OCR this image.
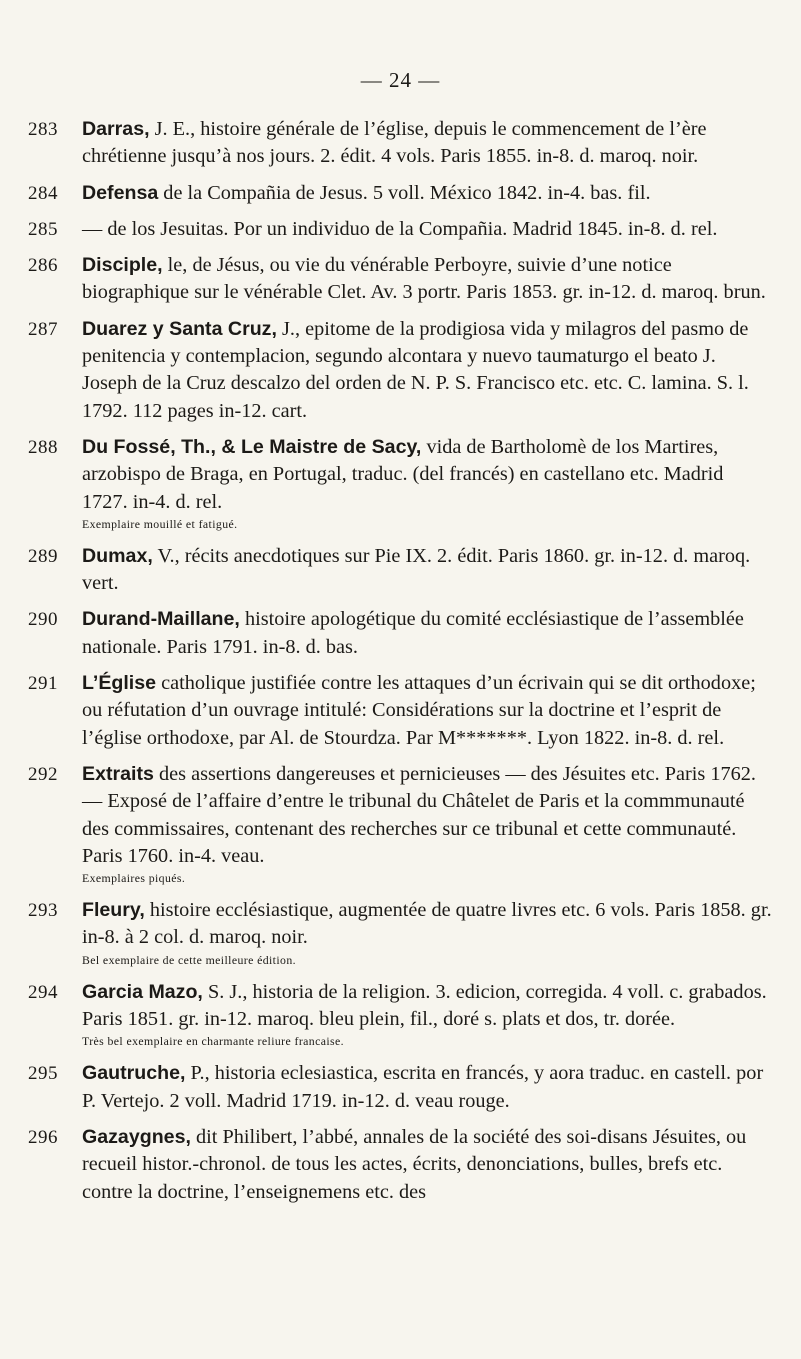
— 24 —
283	Darras, J. E., histoire générale de l’église, depuis le commencement de l’ère chrétienne jusqu’à nos jours. 2. édit. 4 vols. Paris 1855. in-8. d. maroq. noir.
284	Defensa de la Compañia de Jesus. 5 voll. México 1842. in-4. bas. fil.
285	— de los Jesuitas. Por un individuo de la Compañia. Madrid 1845. in-8. d. rel.
286	Disciple, le, de Jésus, ou vie du vénérable Perboyre, suivie d’une notice biographique sur le vénérable Clet. Av. 3 portr. Paris 1853. gr. in-12. d. maroq. brun.
287	Duarez y Santa Cruz, J., epitome de la prodigiosa vida y milagros del pasmo de penitencia y contemplacion, segundo alcontara y nuevo taumaturgo el beato J. Joseph de la Cruz descalzo del orden de N. P. S. Francisco etc. etc. C. lamina. S. l. 1792. 112 pages in-12. cart.
288	Du Fossé, Th., & Le Maistre de Sacy, vida de Bartholomè de los Martires, arzobispo de Braga, en Portugal, traduc. (del francés) en castellano etc. Madrid 1727. in-4. d. rel.
Exemplaire mouillé et fatigué.
289	Dumax, V., récits anecdotiques sur Pie IX. 2. édit. Paris 1860. gr. in-12. d. maroq. vert.
290	Durand-Maillane, histoire apologétique du comité ecclésiastique de l’assemblée nationale. Paris 1791. in-8. d. bas.
291	L’Église catholique justifiée contre les attaques d’un écrivain qui se dit orthodoxe; ou réfutation d’un ouvrage intitulé: Considérations sur la doctrine et l’esprit de l’église orthodoxe, par Al. de Stourdza. Par M*******. Lyon 1822. in-8. d. rel.
292	Extraits des assertions dangereuses et pernicieuses — des Jésuites etc. Paris 1762. — Exposé de l’affaire d’entre le tribunal du Châtelet de Paris et la commmunauté des commissaires, contenant des recherches sur ce tribunal et cette communauté. Paris 1760. in-4. veau.
Exemplaires piqués.
293	Fleury, histoire ecclésiastique, augmentée de quatre livres etc. 6 vols. Paris 1858. gr. in-8. à 2 col. d. maroq. noir.
Bel exemplaire de cette meilleure édition.
294	Garcia Mazo, S. J., historia de la religion. 3. edicion, corregida. 4 voll. c. grabados. Paris 1851. gr. in-12. maroq. bleu plein, fil., doré s. plats et dos, tr. dorée.
Très bel exemplaire en charmante reliure francaise.
295	Gautruche, P., historia eclesiastica, escrita en francés, y aora traduc. en castell. por P. Vertejo. 2 voll. Madrid 1719. in-12. d. veau rouge.
296	Gazaygnes, dit Philibert, l’abbé, annales de la société des soi-disans Jésuites, ou recueil histor.-chronol. de tous les actes, écrits, denonciations, bulles, brefs etc. contre la doctrine, l’enseignemens etc. des
